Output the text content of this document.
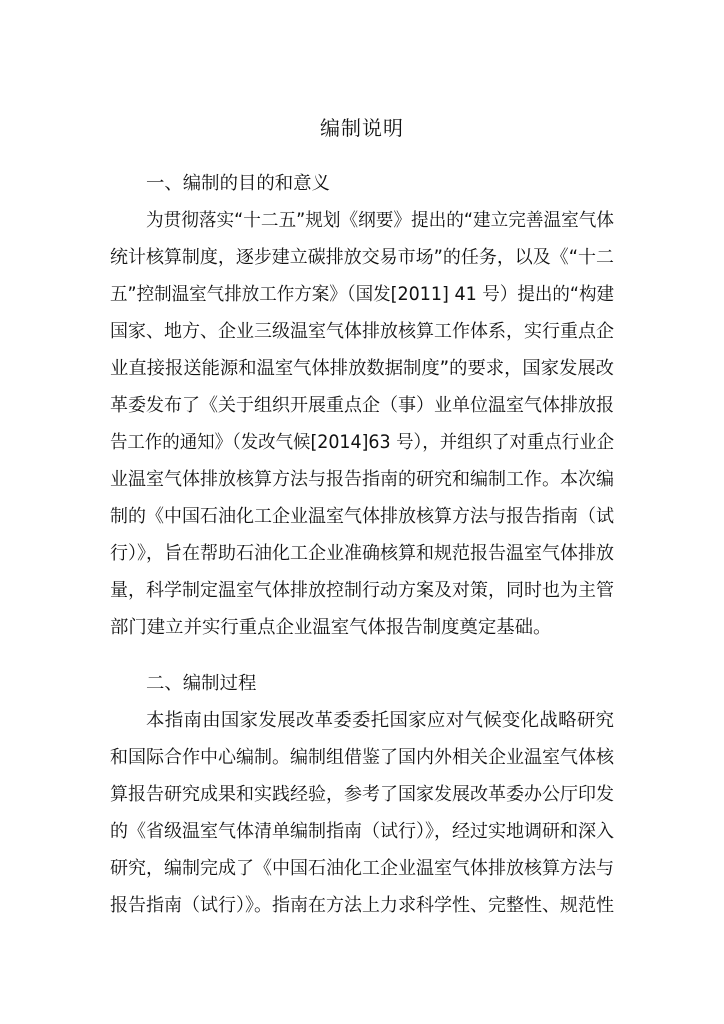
编制说明
一、编制的目的和意义
为贯彻落实“十二五”规划《纲要》提出的“建立完善温室气体
统计核算制度，逐步建立碳排放交易市场”的任务，以及《“十二
五”控制温室气排放工作方案》（国发[2011] 41 号）提出的“构建
国家、地方、企业三级温室气体排放核算工作体系，实行重点企
业直接报送能源和温室气体排放数据制度”的要求，国家发展改
革委发布了《关于组织开展重点企（事）业单位温室气体排放报
告工作的通知》（发改气候[2014]63 号），并组织了对重点行业企
业温室气体排放核算方法与报告指南的研究和编制工作。本次编
制的《中国石油化工企业温室气体排放核算方法与报告指南（试
行）》，旨在帮助石油化工企业准确核算和规范报告温室气体排放
量，科学制定温室气体排放控制行动方案及对策，同时也为主管
部门建立并实行重点企业温室气体报告制度奠定基础。
二、编制过程
本指南由国家发展改革委委托国家应对气候变化战略研究
和国际合作中心编制。编制组借鉴了国内外相关企业温室气体核
算报告研究成果和实践经验，参考了国家发展改革委办公厅印发
的《省级温室气体清单编制指南（试行）》，经过实地调研和深入
研究，编制完成了《中国石油化工企业温室气体排放核算方法与
报告指南（试行）》。指南在方法上力求科学性、完整性、规范性
